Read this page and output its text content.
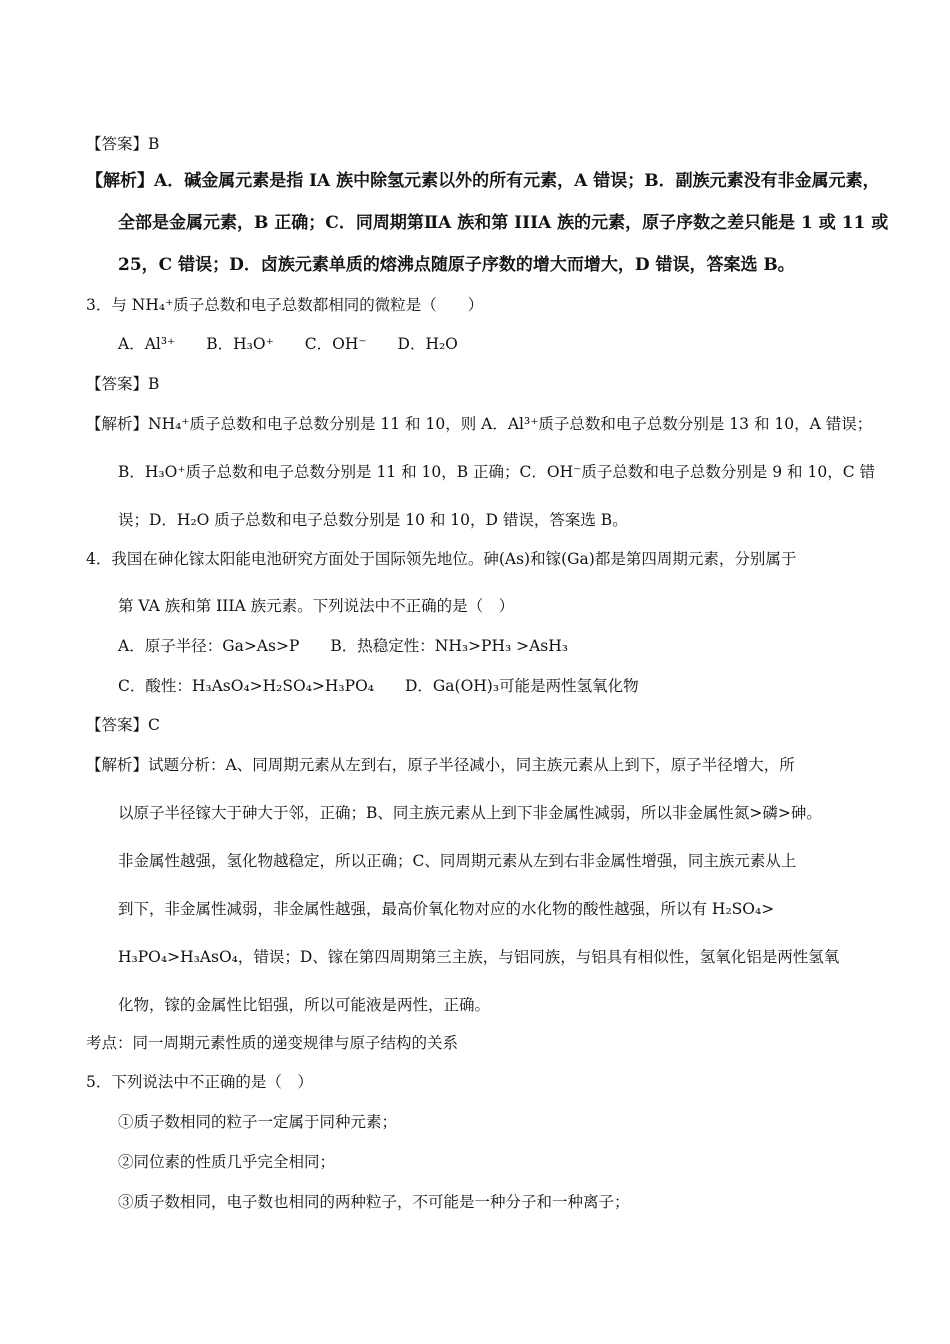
【答案】B
【解析】A．碱金属元素是指 IA 族中除氢元素以外的所有元素，A 错误；B．副族元素没有非金属元素，
全部是金属元素，B 正确；C．同周期第ⅡA 族和第 IIIA 族的元素，原子序数之差只能是 1 或 11 或
25，C 错误；D．卤族元素单质的熔沸点随原子序数的增大而增大，D 错误，答案选 B。
3．与 NH₄⁺质子总数和电子总数都相同的微粒是（　　）
A．Al³⁺　　B．H₃O⁺　　C．OH⁻　　D．H₂O
【答案】B
【解析】NH₄⁺质子总数和电子总数分别是 11 和 10，则 A．Al³⁺质子总数和电子总数分别是 13 和 10，A 错误；
B．H₃O⁺质子总数和电子总数分别是 11 和 10，B 正确；C．OH⁻质子总数和电子总数分别是 9 和 10，C 错
误；D．H₂O 质子总数和电子总数分别是 10 和 10，D 错误，答案选 B。
4．我国在砷化镓太阳能电池研究方面处于国际领先地位。砷(As)和镓(Ga)都是第四周期元素，分别属于
第 VA 族和第 IIIA 族元素。下列说法中不正确的是（　）
A．原子半径：Ga>As>P　　B．热稳定性：NH₃>PH₃ >AsH₃
C．酸性：H₃AsO₄>H₂SO₄>H₃PO₄　　D．Ga(OH)₃可能是两性氢氧化物
【答案】C
【解析】试题分析：A、同周期元素从左到右，原子半径减小，同主族元素从上到下，原子半径增大，所
以原子半径镓大于砷大于邻，正确；B、同主族元素从上到下非金属性减弱，所以非金属性氮>磷>砷。
非金属性越强，氢化物越稳定，所以正确；C、同周期元素从左到右非金属性增强，同主族元素从上
到下，非金属性减弱，非金属性越强，最高价氧化物对应的水化物的酸性越强，所以有 H₂SO₄>
H₃PO₄>H₃AsO₄，错误；D、镓在第四周期第三主族，与铝同族，与铝具有相似性，氢氧化铝是两性氢氧
化物，镓的金属性比铝强，所以可能液是两性，正确。
考点：同一周期元素性质的递变规律与原子结构的关系
5．下列说法中不正确的是（　）
①质子数相同的粒子一定属于同种元素；
②同位素的性质几乎完全相同；
③质子数相同，电子数也相同的两种粒子，不可能是一种分子和一种离子；
